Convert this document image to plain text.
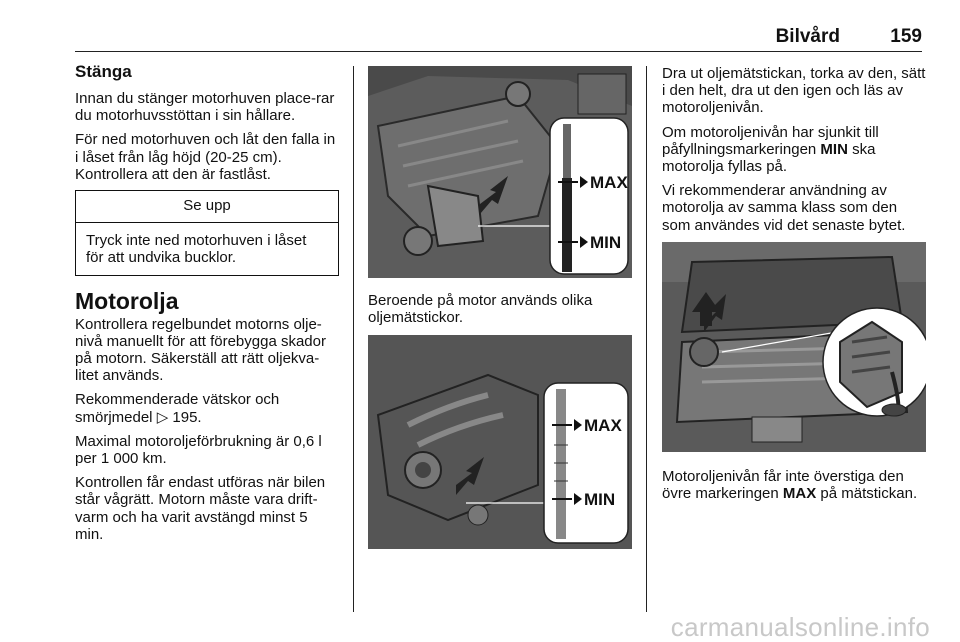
Bilvård	159
Stänga

Innan du stänger motorhuven place-rar du motorhuvsstöttan i sin hållare.

För ned motorhuven och låt den falla in i låset från låg höjd (20-25 cm). Kontrollera att den är fastlåst.

Se upp
Tryck inte ned motorhuven i låset för att undvika bucklor.
Motorolja

Kontrollera regelbundet motorns olje-nivå manuellt för att förebygga skador på motorn. Säkerställ att rätt oljekva-litet används.

Rekommenderade vätskor och smörjmedel ▷ 195.

Maximal motoroljeförbrukning är 0,6 l per 1 000 km.

Kontrollen får endast utföras när bilen står vågrätt. Motorn måste vara drift-varm och ha varit avstängd minst 5 min.

MAX
MIN

Beroende på motor används olika oljemätstickor.

MAX
MIN

Dra ut oljemätstickan, torka av den, sätt i den helt, dra ut den igen och läs av motoroljenivån.

Om motoroljenivån har sjunkit till påfyllningsmarkeringen MIN ska motorolja fyllas på.

Vi rekommenderar användning av motorolja av samma klass som den som användes vid det senaste bytet.

Motoroljenivån får inte överstiga den övre markeringen MAX på mätstickan.

carmanualsonline.info
